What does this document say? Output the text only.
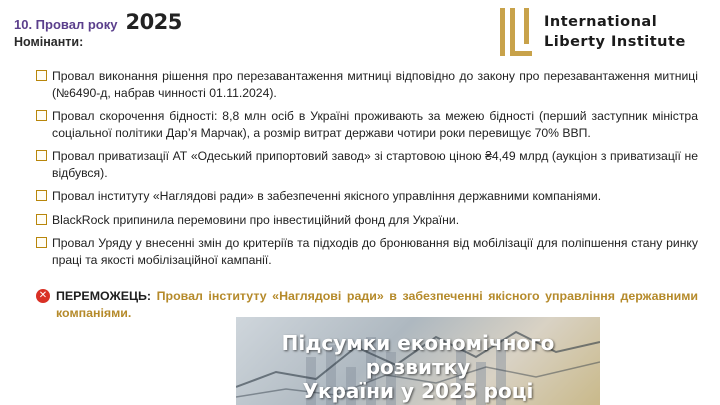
10. Провал року 2025
Номінанти:
International
Liberty Institute
Провал виконання рішення про перезавантаження митниці відповідно до закону про перезавантаження митниці (№6490-д, набрав чинності 01.11.2024).
Провал скорочення бідності: 8,8 млн осіб в Україні проживають за межею бідності (перший заступник міністра соціальної політики Дар’я Марчак), а розмір витрат держави чотири роки перевищує 70% ВВП.
Провал приватизації АТ «Одеський припортовий завод» зі стартовою ціною ₴4,49 млрд (аукціон з приватизації не відбувся).
Провал інституту «Наглядові ради» в забезпеченні якісного управління державними компаніями.
BlackRock припинила перемовини про інвестиційний фонд для України.
Провал Уряду у внесенні змін до критеріїв та підходів до бронювання від мобілізації для поліпшення стану ринку праці та якості мобілізаційної кампанії.
✕ ПЕРЕМОЖЕЦЬ: Провал інституту «Наглядові ради» в забезпеченні якісного управління державними компаніями.
Підсумки економічного розвитку
України у 2025 році
